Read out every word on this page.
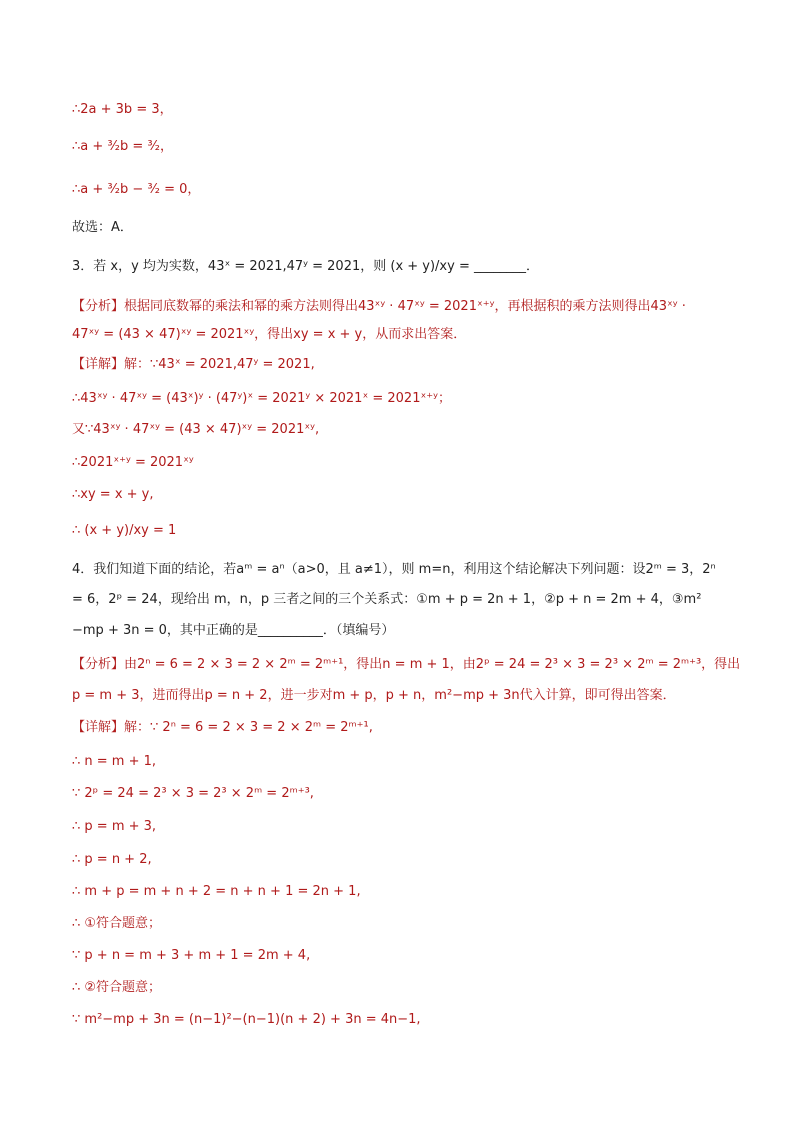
∴2a + 3b = 3，
∴a + ³⁄₂b = ³⁄₂，
∴a + ³⁄₂b − ³⁄₂ = 0，
故选：A．
3．若 x，y 均为实数，43ˣ = 2021,47ʸ = 2021，则 (x + y)/xy = ________．
【分析】根据同底数幂的乘法和幂的乘方法则得出43ˣʸ · 47ˣʸ = 2021ˣ⁺ʸ，再根据积的乘方法则得出43ˣʸ ·
47ˣʸ = (43 × 47)ˣʸ = 2021ˣʸ，得出xy = x + y，从而求出答案．
【详解】解：∵43ˣ = 2021,47ʸ = 2021,
∴43ˣʸ · 47ˣʸ = (43ˣ)ʸ · (47ʸ)ˣ = 2021ʸ × 2021ˣ = 2021ˣ⁺ʸ；
又∵43ˣʸ · 47ˣʸ = (43 × 47)ˣʸ = 2021ˣʸ,
∴2021ˣ⁺ʸ = 2021ˣʸ
∴xy = x + y,
∴ (x + y)/xy = 1
4．我们知道下面的结论，若aᵐ = aⁿ（a>0，且 a≠1），则 m=n，利用这个结论解决下列问题：设2ᵐ = 3，2ⁿ
= 6，2ᵖ = 24，现给出 m，n，p 三者之间的三个关系式：①m + p = 2n + 1，②p + n = 2m + 4，③m²
−mp + 3n = 0，其中正确的是__________．（填编号）
【分析】由2ⁿ = 6 = 2 × 3 = 2 × 2ᵐ = 2ᵐ⁺¹，得出n = m + 1，由2ᵖ = 24 = 2³ × 3 = 2³ × 2ᵐ = 2ᵐ⁺³，得出
p = m + 3，进而得出p = n + 2，进一步对m + p，p + n，m²−mp + 3n代入计算，即可得出答案．
【详解】解：∵ 2ⁿ = 6 = 2 × 3 = 2 × 2ᵐ = 2ᵐ⁺¹,
∴ n = m + 1,
∵ 2ᵖ = 24 = 2³ × 3 = 2³ × 2ᵐ = 2ᵐ⁺³,
∴ p = m + 3,
∴ p = n + 2,
∴ m + p = m + n + 2 = n + n + 1 = 2n + 1,
∴ ①符合题意；
∵ p + n = m + 3 + m + 1 = 2m + 4,
∴ ②符合题意；
∵ m²−mp + 3n = (n−1)²−(n−1)(n + 2) + 3n = 4n−1,
